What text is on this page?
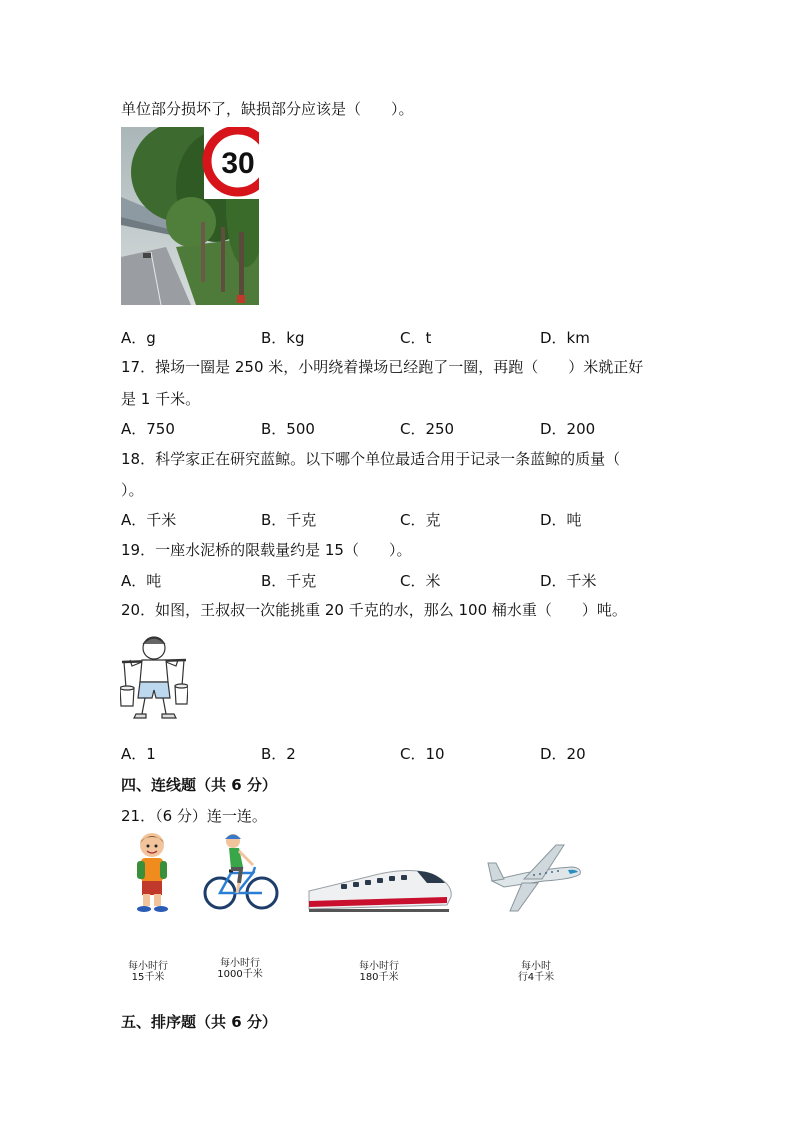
单位部分损坏了，缺损部分应该是（　　）。
30
A．g	B．kg	C．t	D．km
17．操场一圈是 250 米，小明绕着操场已经跑了一圈，再跑（　　）米就正好
是 1 千米。
A．750	B．500	C．250	D．200
18．科学家正在研究蓝鲸。以下哪个单位最适合用于记录一条蓝鲸的质量（
）。
A．千米	B．千克	C．克	D．吨
19．一座水泥桥的限载量约是 15（　　）。
A．吨	B．千克	C．米	D．千米
20．如图，王叔叔一次能挑重 20 千克的水，那么 100 桶水重（　　）吨。
A．1	B．2	C．10	D．20
四、连线题（共 6 分）
21．（6 分）连一连。
每小时行
15千米
每小时行
1000千米
每小时行
180千米
每小时
行4千米
五、排序题（共 6 分）
